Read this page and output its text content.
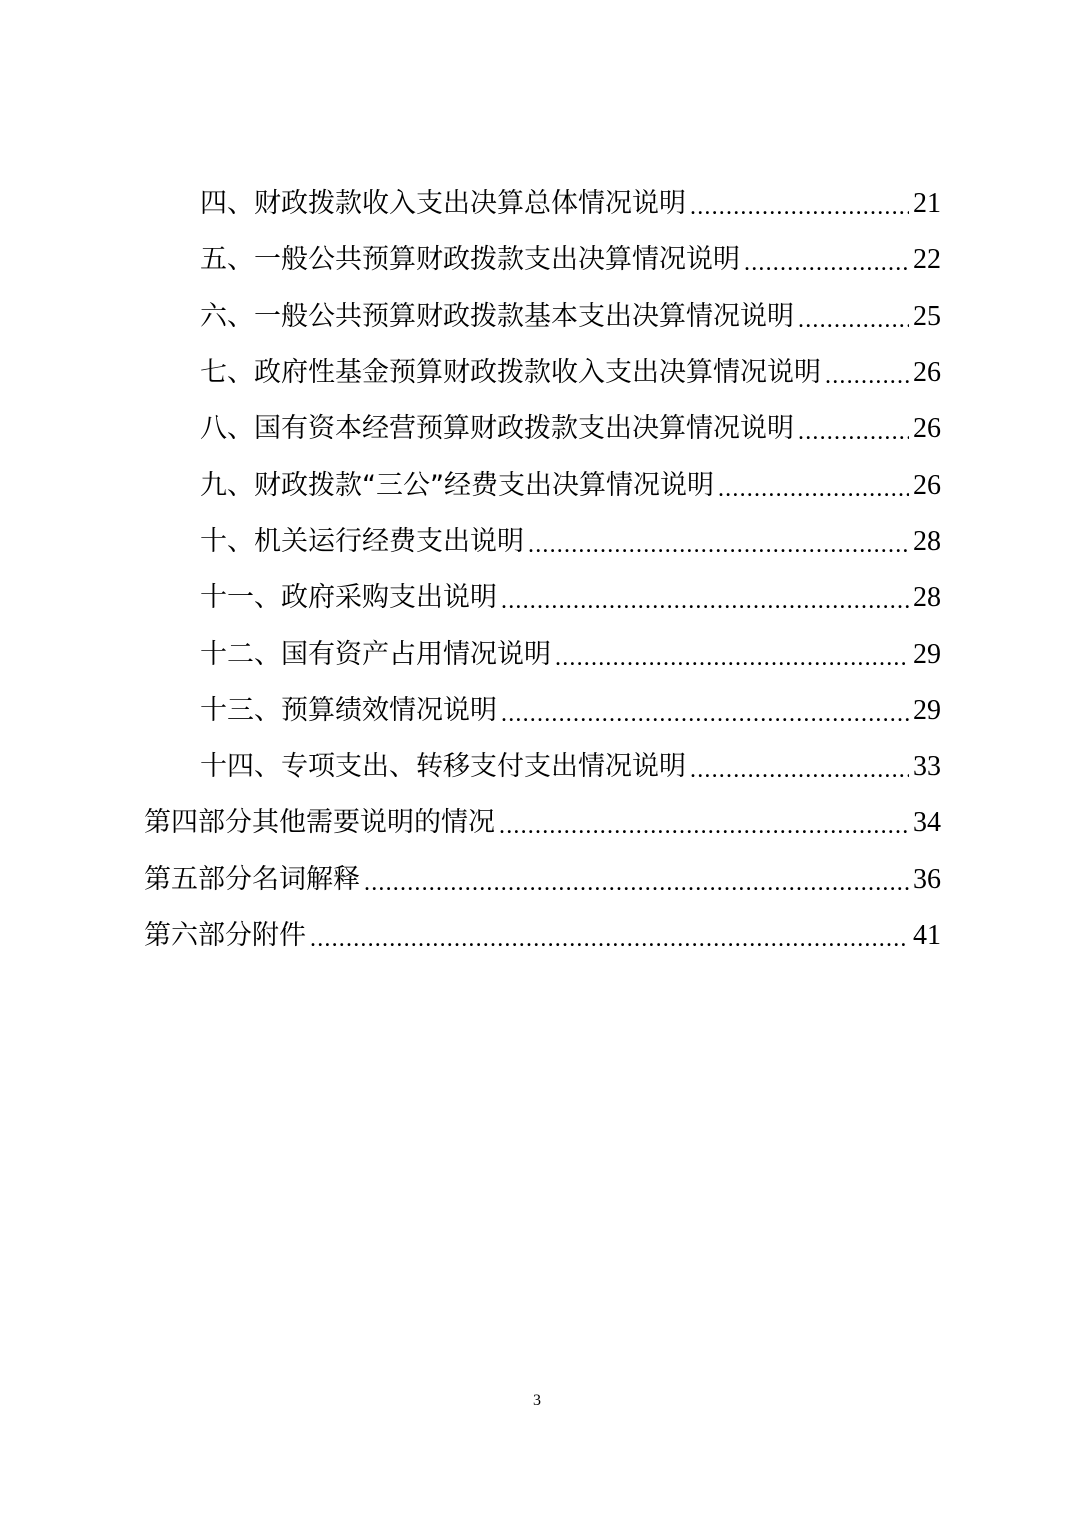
四、财政拨款收入支出决算总体情况说明 .....	21
五、一般公共预算财政拨款支出决算情况说明 .....	22
六、一般公共预算财政拨款基本支出决算情况说明 .....	25
七、政府性基金预算财政拨款收入支出决算情况说明 .....	26
八、国有资本经营预算财政拨款支出决算情况说明 .....	26
九、财政拨款“三公”经费支出决算情况说明 .....	26
十、机关运行经费支出说明 .....	28
十一、政府采购支出说明 .....	28
十二、国有资产占用情况说明 .....	29
十三、预算绩效情况说明 .....	29
十四、专项支出、转移支付支出情况说明 .....	33
第四部分 其他需要说明的情况 .....	34
第五部分 名词解释 .....	36
第六部分 附件 .....	41
3
